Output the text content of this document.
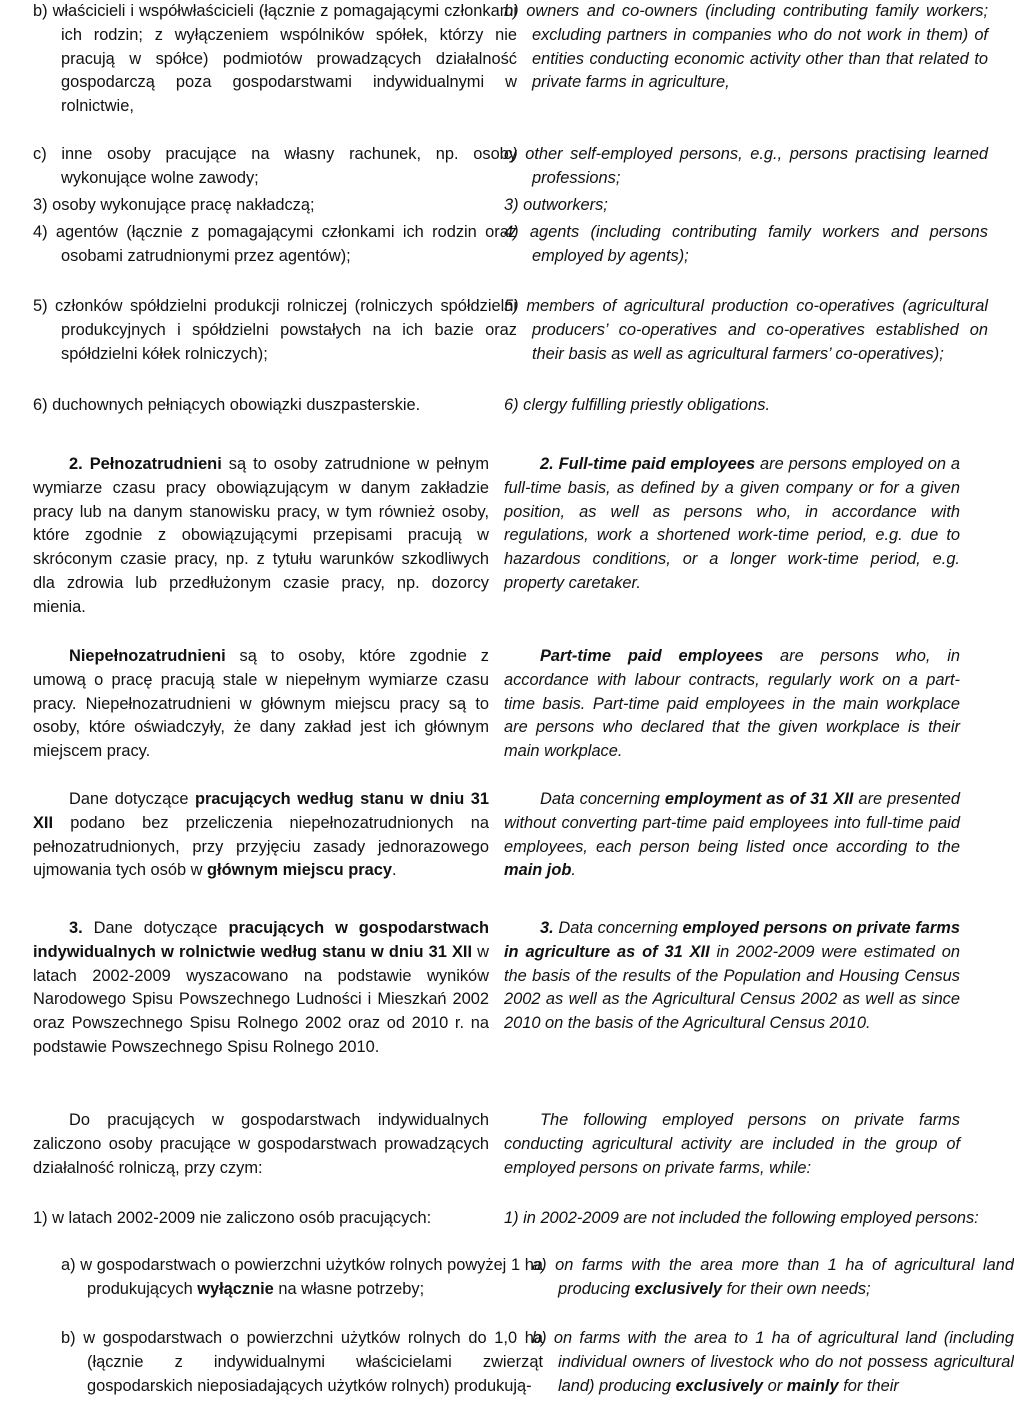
b) właścicieli i współwłaścicieli (łącznie z pomagającymi członkami ich rodzin; z wyłączeniem wspólników spółek, którzy nie pracują w spółce) podmiotów prowadzących działalność gospodarczą poza gospodarstwami indywidualnymi w rolnictwie,

c) inne osoby pracujące na własny rachunek, np. osoby wykonujące wolne zawody;

3) osoby wykonujące pracę nakładczą;

4) agentów (łącznie z pomagającymi członkami ich rodzin oraz osobami zatrudnionymi przez agentów);

5) członków spółdzielni produkcji rolniczej (rolniczych spółdzielni produkcyjnych i spółdzielni powstałych na ich bazie oraz spółdzielni kółek rolniczych);

6) duchownych pełniących obowiązki duszpasterskie.

2. Pełnozatrudnieni są to osoby zatrudnione w pełnym wymiarze czasu pracy obowiązującym w danym zakładzie pracy lub na danym stanowisku pracy, w tym również osoby, które zgodnie z obowiązującymi przepisami pracują w skróconym czasie pracy, np. z tytułu warunków szkodliwych dla zdrowia lub przedłużonym czasie pracy, np. dozorcy mienia.

Niepełnozatrudnieni są to osoby, które zgodnie z umową o pracę pracują stale w niepełnym wymiarze czasu pracy. Niepełnozatrudnieni w głównym miejscu pracy są to osoby, które oświadczyły, że dany zakład jest ich głównym miejscem pracy.

Dane dotyczące pracujących według stanu w dniu 31 XII podano bez przeliczenia niepełnozatrudnionych na pełnozatrudnionych, przy przyjęciu zasady jednorazowego ujmowania tych osób w głównym miejscu pracy.

3. Dane dotyczące pracujących w gospodarstwach indywidualnych w rolnictwie według stanu w dniu 31 XII w latach 2002-2009 wyszacowano na podstawie wyników Narodowego Spisu Powszechnego Ludności i Mieszkań 2002 oraz Powszechnego Spisu Rolnego 2002 oraz od 2010 r. na podstawie Powszechnego Spisu Rolnego 2010.

Do pracujących w gospodarstwach indywidualnych zaliczono osoby pracujące w gospodarstwach prowadzących działalność rolniczą, przy czym:

1) w latach 2002-2009 nie zaliczono osób pracujących:

a) w gospodarstwach o powierzchni użytków rolnych powyżej 1 ha produkujących wyłącznie na własne potrzeby;

b) w gospodarstwach o powierzchni użytków rolnych do 1,0 ha (łącznie z indywidualnymi właścicielami zwierząt gospodarskich nieposiadających użytków rolnych) produkują-

b) owners and co-owners (including contributing family workers; excluding partners in companies who do not work in them) of entities conducting economic activity other than that related to private farms in agriculture,

c) other self-employed persons, e.g., persons practising learned professions;

3) outworkers;

4) agents (including contributing family workers and persons employed by agents);

5) members of agricultural production co-operatives (agricultural producers’ co-operatives and co-operatives established on their basis as well as agricultural farmers’ co-operatives);

6) clergy fulfilling priestly obligations.

2. Full-time paid employees are persons employed on a full-time basis, as defined by a given company or for a given position, as well as persons who, in accordance with regulations, work a shortened work-time period, e.g. due to hazardous conditions, or a longer work-time period, e.g. property caretaker.

Part-time paid employees are persons who, in accordance with labour contracts, regularly work on a part-time basis. Part-time paid employees in the main workplace are persons who declared that the given workplace is their main workplace.

Data concerning employment as of 31 XII are presented without converting part-time paid employees into full-time paid employees, each person being listed once according to the main job.

3. Data concerning employed persons on private farms in agriculture as of 31 XII in 2002-2009 were estimated on the basis of the results of the Population and Housing Census 2002 as well as the Agricultural Census 2002 as well as since 2010 on the basis of the Agricultural Census 2010.

The following employed persons on private farms conducting agricultural activity are included in the group of employed persons on private farms, while:

1) in 2002-2009 are not included the following employed persons:

a) on farms with the area more than 1 ha of agricultural land producing exclusively for their own needs;

b) on farms with the area to 1 ha of agricultural land (including individual owners of livestock who do not possess agricultural land) producing exclusively or mainly for their
